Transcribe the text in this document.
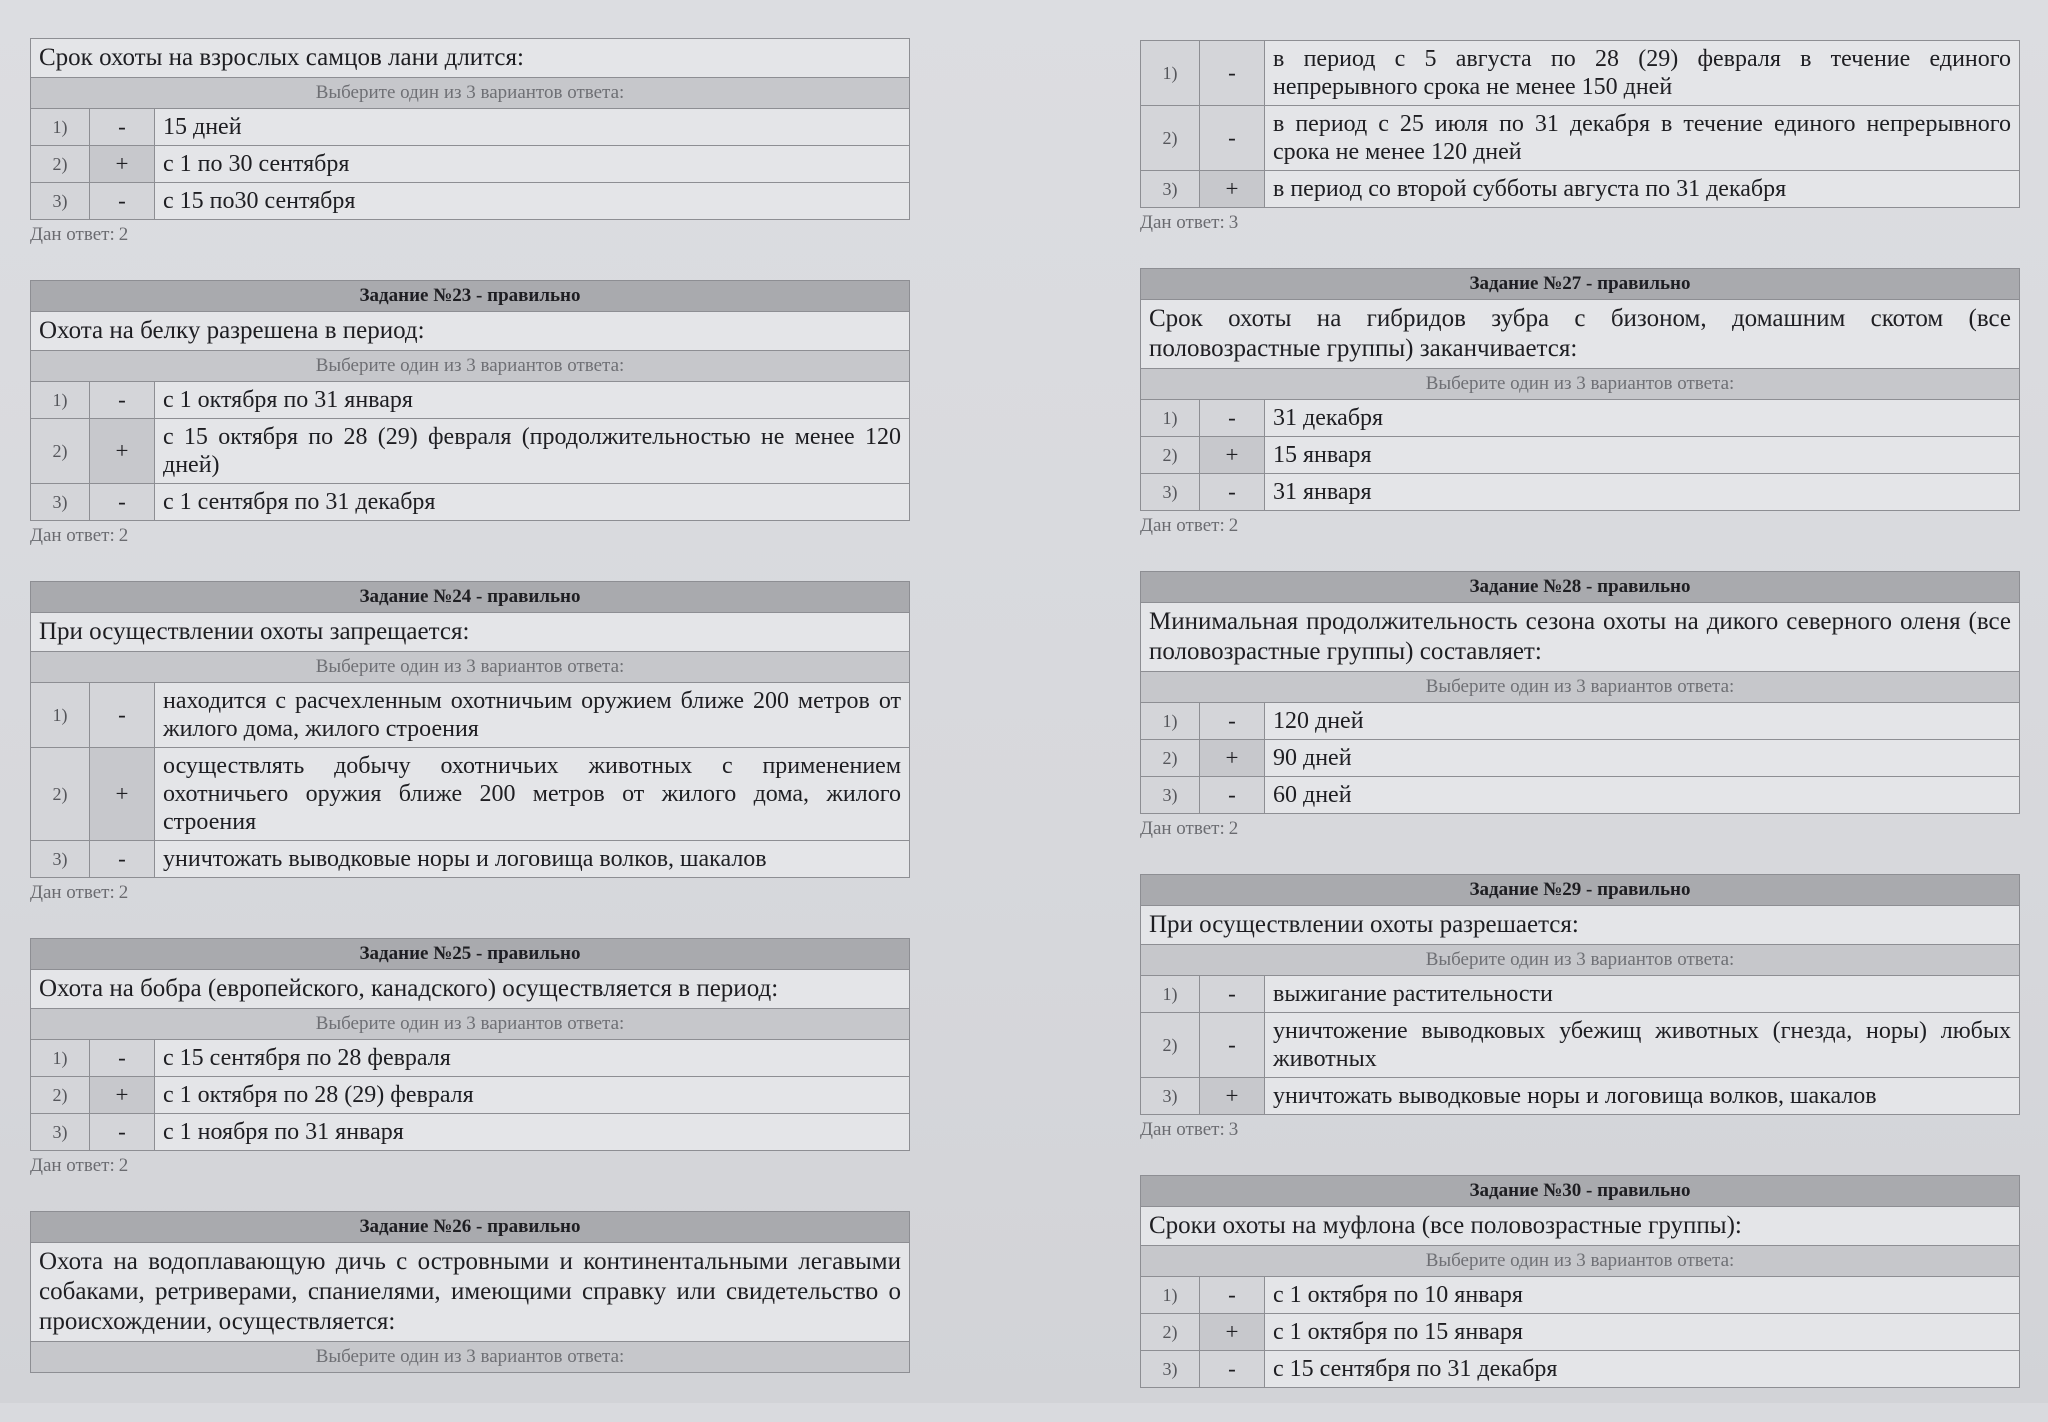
Срок охоты на взрослых самцов лани длится:		
Выберите один из 3 вариантов ответа:		
1)	-	15 дней
2)	+	с 1 по 30 сентября
3)	-	с 15 по30 сентября
Дан ответ: 2
Задание №23 - правильно		
Охота на белку разрешена в период:		
Выберите один из 3 вариантов ответа:		
1)	-	с 1 октября по 31 января
2)	+	с 15 октября по 28 (29) февраля (продолжительностью не менее 120 дней)
3)	-	с 1 сентября по 31 декабря
Дан ответ: 2
Задание №24 - правильно		
При осуществлении охоты запрещается:		
Выберите один из 3 вариантов ответа:		
1)	-	находится с расчехленным охотничьим оружием ближе 200 метров от жилого дома, жилого строения
2)	+	осуществлять добычу охотничьих животных с применением охотничьего оружия ближе 200 метров от жилого дома, жилого строения
3)	-	уничтожать выводковые норы и логовища волков, шакалов
Дан ответ: 2
Задание №25 - правильно		
Охота на бобра (европейского, канадского) осуществляется в период:		
Выберите один из 3 вариантов ответа:		
1)	-	с 15 сентября по 28 февраля
2)	+	с 1 октября по 28 (29) февраля
3)	-	с 1 ноября по 31 января
Дан ответ: 2
Задание №26 - правильно
Охота на водоплавающую дичь с островными и континентальными легавыми собаками, ретриверами, спаниелями, имеющими справку или свидетельство о происхождении, осуществляется:
Выберите один из 3 вариантов ответа:
1)	-	в период с 5 августа по 28 (29) февраля в течение единого непрерывного срока не менее 150 дней
2)	-	в период с 25 июля по 31 декабря в течение единого непрерывного срока не менее 120 дней
3)	+	в период со второй субботы августа по 31 декабря
Дан ответ: 3
Задание №27 - правильно		
Срок охоты на гибридов зубра с бизоном, домашним скотом (все половозрастные группы) заканчивается:		
Выберите один из 3 вариантов ответа:		
1)	-	31 декабря
2)	+	15 января
3)	-	31 января
Дан ответ: 2
Задание №28 - правильно		
Минимальная продолжительность сезона охоты на дикого северного оленя (все половозрастные группы) составляет:		
Выберите один из 3 вариантов ответа:		
1)	-	120 дней
2)	+	90 дней
3)	-	60 дней
Дан ответ: 2
Задание №29 - правильно		
При осуществлении охоты разрешается:		
Выберите один из 3 вариантов ответа:		
1)	-	выжигание растительности
2)	-	уничтожение выводковых убежищ животных (гнезда, норы) любых животных
3)	+	уничтожать выводковые норы и логовища волков, шакалов
Дан ответ: 3
Задание №30 - правильно		
Сроки охоты на муфлона (все половозрастные группы):		
Выберите один из 3 вариантов ответа:		
1)	-	с 1 октября по 10 января
2)	+	с 1 октября по 15 января
3)	-	с 15 сентября по 31 декабря
